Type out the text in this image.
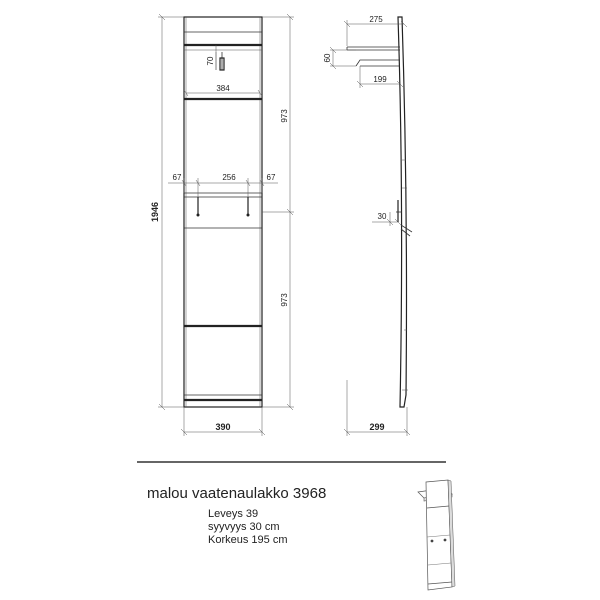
1946
973
973
70
384
67	256	67
390
275
60
199
30
299
malou vaatenaulakko 3968
Leveys 39
syyvyys 30 cm
Korkeus 195 cm
